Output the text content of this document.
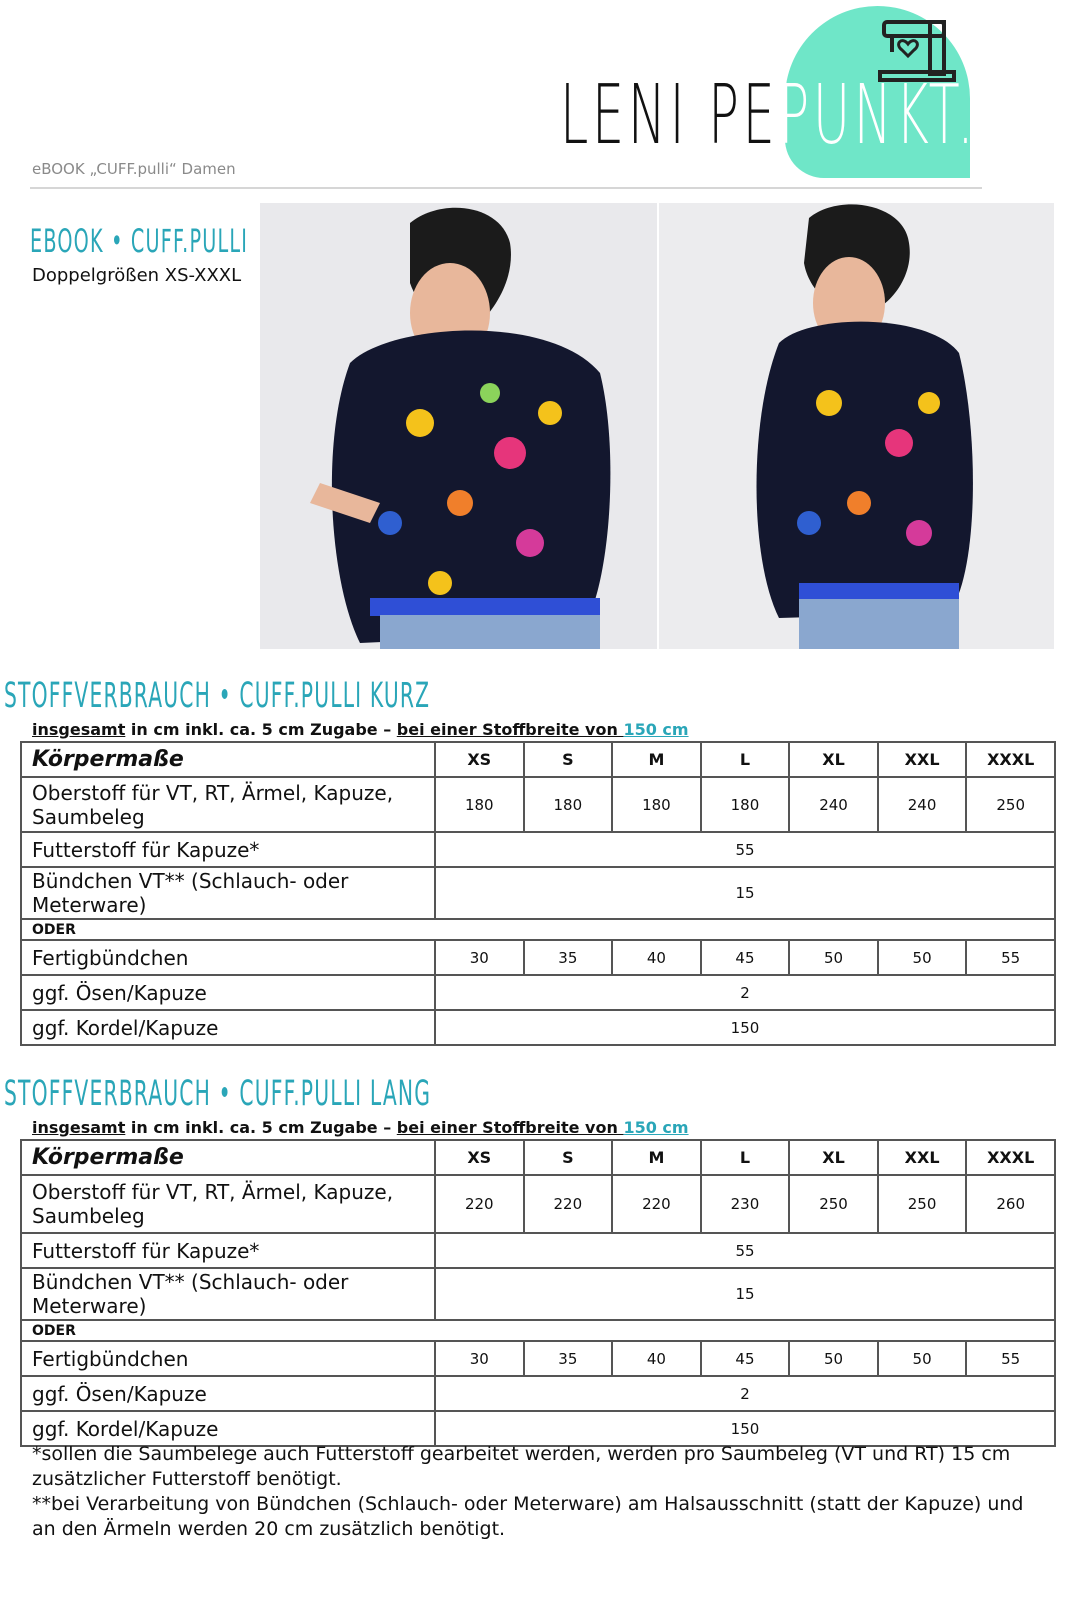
eBOOK „CUFF.pulli“ Damen
LENI PEPUNKT.
EBOOK • CUFF.PULLI
Doppelgrößen XS-XXXL
STOFFVERBRAUCH • CUFF.PULLI KURZ
insgesamt in cm inkl. ca. 5 cm Zugabe – bei einer Stoffbreite von 150 cm
Körpermaße	XS	S	M	L	XL	XXL	XXXL
Oberstoff für VT, RT, Ärmel, Kapuze, Saumbeleg	180	180	180	180	240	240	250
Futterstoff für Kapuze*	55						
Bündchen VT** (Schlauch- oder Meterware)	15						
ODER							
Fertigbündchen	30	35	40	45	50	50	55
ggf. Ösen/Kapuze	2						
ggf. Kordel/Kapuze	150						
STOFFVERBRAUCH • CUFF.PULLI LANG
insgesamt in cm inkl. ca. 5 cm Zugabe – bei einer Stoffbreite von 150 cm
Körpermaße	XS	S	M	L	XL	XXL	XXXL
Oberstoff für VT, RT, Ärmel, Kapuze, Saumbeleg	220	220	220	230	250	250	260
Futterstoff für Kapuze*	55						
Bündchen VT** (Schlauch- oder Meterware)	15						
ODER							
Fertigbündchen	30	35	40	45	50	50	55
ggf. Ösen/Kapuze	2						
ggf. Kordel/Kapuze	150						
*sollen die Saumbelege auch Futterstoff gearbeitet werden, werden pro Saumbeleg (VT und RT) 15 cm zusätzlicher Futterstoff benötigt.
**bei Verarbeitung von Bündchen (Schlauch- oder Meterware) am Halsausschnitt (statt der Kapuze) und an den Ärmeln werden 20 cm zusätzlich benötigt.
